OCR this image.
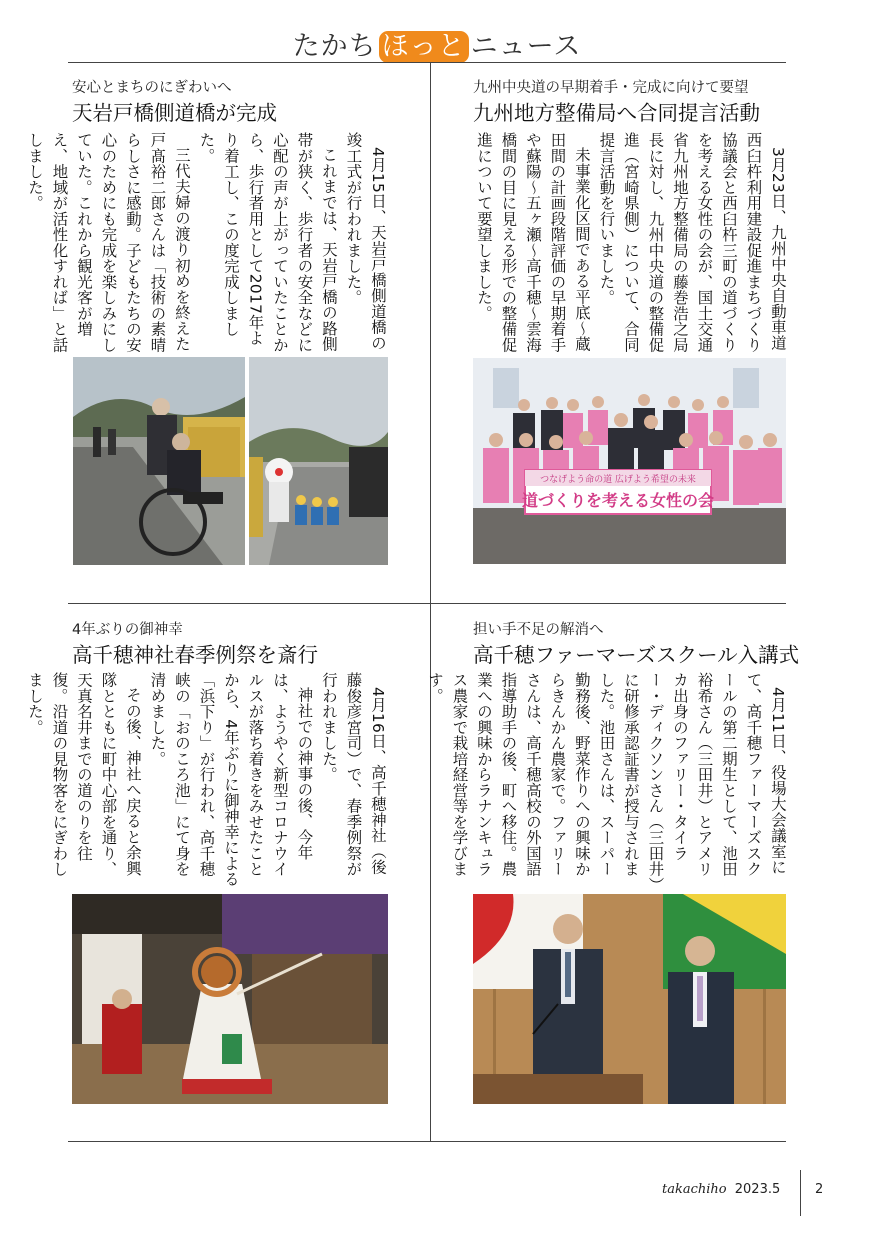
たかち ほっと ニュース
安心とまちのにぎわいへ
天岩戸橋側道橋が完成

4月15日、天岩戸橋側道橋の竣工式が行われました。

これまでは、天岩戸橋の路側帯が狭く、歩行者の安全などに心配の声が上がっていたことから、歩行者用として2017年より着工し、この度完成しました。

三代夫婦の渡り初めを終えた戸髙裕二郎さんは「技術の素晴らしさに感動。子どもたちの安心のためにも完成を楽しみにしていた。これから観光客が増え、地域が活性化すれば」と話しました。

九州中央道の早期着手・完成に向けて要望
九州地方整備局へ合同提言活動

3月23日、九州中央自動車道西臼杵利用建設促進まちづくり協議会と西臼杵三町の道づくりを考える女性の会が、国土交通省九州地方整備局の藤巻浩之局長に対し、九州中央道の整備促進（宮崎県側）について、合同提言活動を行いました。

未事業化区間である平底～蔵田間の計画段階評価の早期着手や蘇陽～五ヶ瀬～高千穂～雲海橋間の目に見える形での整備促進について要望しました。

つなげよう命の道 広げよう希望の未来
道づくりを考える女性の会
4年ぶりの御神幸
高千穂神社春季例祭を斎行

4月16日、高千穂神社（後藤俊彦宮司）で、春季例祭が行われました。

神社での神事の後、今年は、ようやく新型コロナウイルスが落ち着きをみせたことから、4年ぶりに御神幸による「浜下り」が行われ、高千穂峡の「おのころ池」にて身を清めました。

その後、神社へ戻ると余興隊とともに町中心部を通り、天真名井までの道のりを往復。沿道の見物客をにぎわしました。

担い手不足の解消へ
高千穂ファーマーズスクール入講式

4月11日、役場大会議室にて、高千穂ファーマーズスクールの第二期生として、池田裕希さん（三田井）とアメリカ出身のファリー・タイラー・ディクソンさん（三田井）に研修承認証書が授与されました。池田さんは、スーパー勤務後、野菜作りへの興味からきんかん農家で。ファリーさんは、高千穂高校の外国語指導助手の後、町へ移住。農業への興味からラナンキュラス農家で栽培経営等を学びます。

takachiho 2023.5	2
